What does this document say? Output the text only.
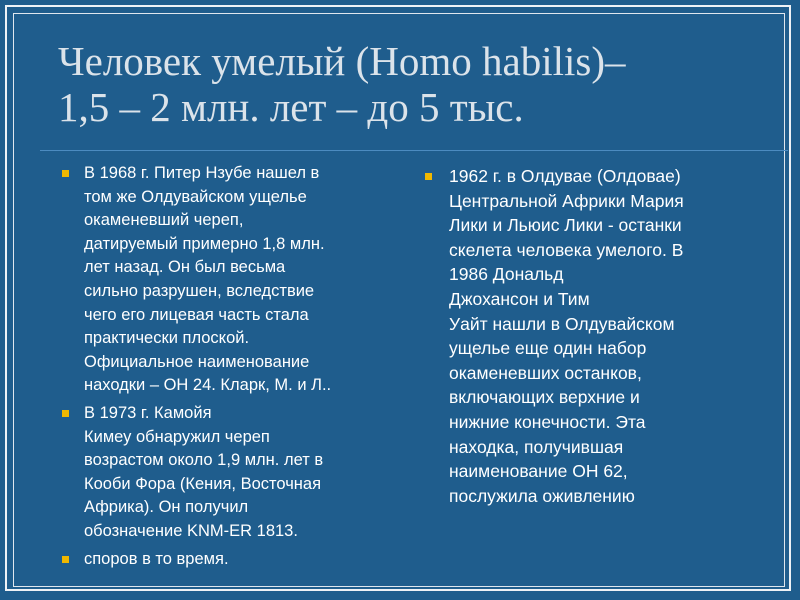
Человек умелый (Homo habilis)–
1,5 – 2 млн. лет – до 5 тыс.
В 1968 г. Питер Нзубе нашел в
том же Олдувайском ущелье
окаменевший череп,
датируемый примерно 1,8 млн.
лет назад. Он был весьма
сильно разрушен, вследствие
чего его лицевая часть стала
практически плоской.
Официальное наименование
находки – ОН 24. Кларк, М. и Л..
В 1973 г. Камойя
Кимеу обнаружил череп
возрастом около 1,9 млн. лет в
Кооби Фора (Кения, Восточная
Африка). Он получил
обозначение KNM-ER 1813.
споров в то время.
1962 г. в Олдувае (Олдовае)
Центральной Африки Мария
Лики и Льюис Лики - останки
скелета человека умелого. В
1986 Дональд
Джохансон и Тим
Уайт нашли в Олдувайском
ущелье еще один набор
окаменевших останков,
включающих верхние и
нижние конечности. Эта
находка, получившая
наименование ОН 62,
послужила оживлению
